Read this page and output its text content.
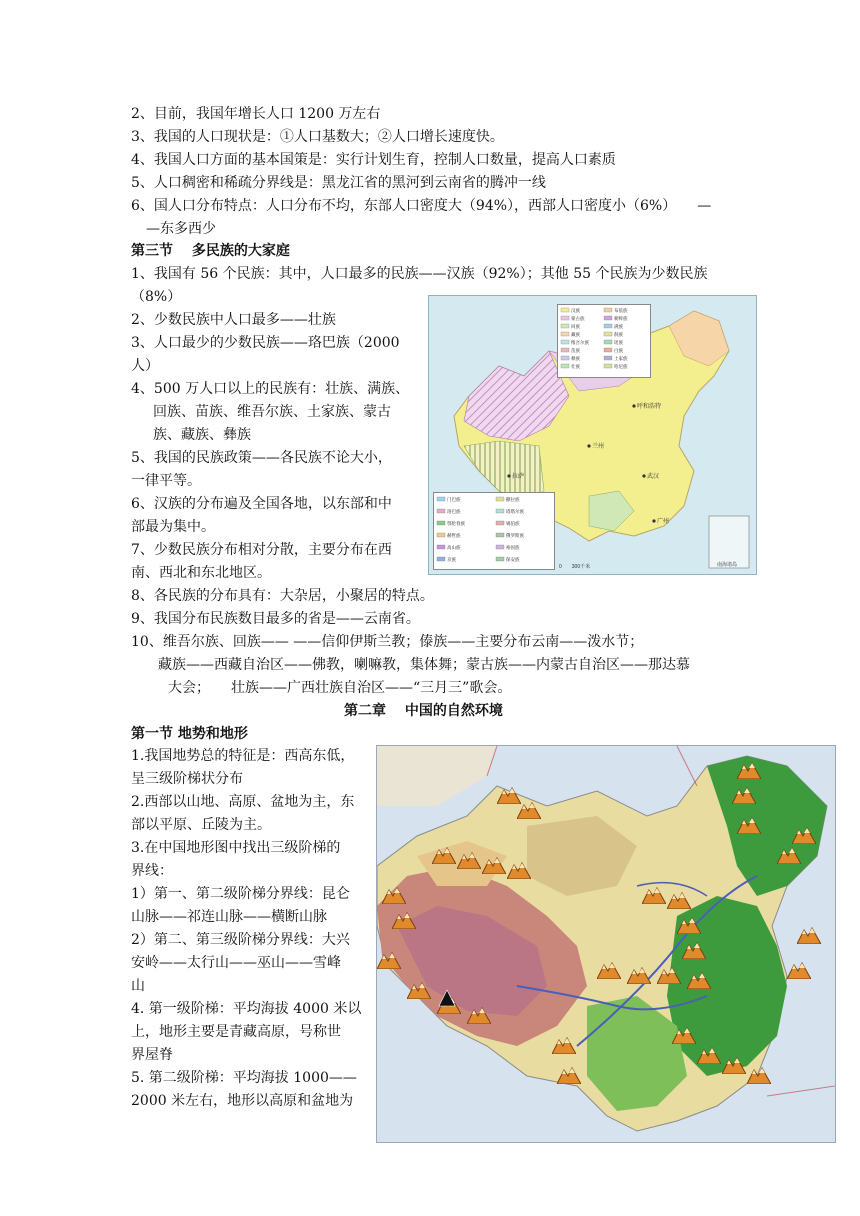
2、目前，我国年增长人口 1200 万左右
3、我国的人口现状是：①人口基数大；②人口增长速度快。
4、我国人口方面的基本国策是：实行计划生育，控制人口数量，提高人口素质
5、人口稠密和稀疏分界线是：黑龙江省的黑河到云南省的腾冲一线
6、国人口分布特点：人口分布不均，东部人口密度大（94%），西部人口密度小（6%）　　—
—东多西少
第三节　 多民族的大家庭
1、我国有 56 个民族：其中，人口最多的民族——汉族（92%）；其他 55 个民族为少数民族
（8%）
2、少数民族中人口最多——壮族
3、人口最少的少数民族——珞巴族（2000
人）
4、500 万人口以上的民族有：壮族、满族、
回族、苗族、维吾尔族、土家族、蒙古
族、藏族、彝族
5、我国的民族政策——各民族不论大小，
一律平等。
6、汉族的分布遍及全国各地，以东部和中
部最为集中。
7、少数民族分布相对分散，主要分布在西
南、西北和东北地区。
8、各民族的分布具有：大杂居，小聚居的特点。
9、我国分布民族数目最多的省是——云南省。
10、维吾尔族、回族—— ——信仰伊斯兰教；傣族——主要分布云南——泼水节；
藏族——西藏自治区——佛教，喇嘛教，集体舞；蒙古族——内蒙古自治区——那达慕
大会；　　壮族——广西壮族自治区——“三月三”歌会。
第二章　 中国的自然环境
第一节 地势和地形
1.我国地势总的特征是：西高东低，
呈三级阶梯状分布
2.西部以山地、高原、盆地为主，东
部以平原、丘陵为主。
3.在中国地形图中找出三级阶梯的
界线：
1）第一、第二级阶梯分界线：昆仑
山脉——祁连山脉——横断山脉
2）第二、第三级阶梯分界线：大兴
安岭——太行山——巫山——雪峰
山
4. 第一级阶梯：平均海拔 4000 米以
上，地形主要是青藏高原，号称世
界屋脊
5. 第二级阶梯：平均海拔 1000——
2000 米左右，地形以高原和盆地为
呼和浩特
兰州
武汉
广州
拉萨
南海诸岛
0　　300千米
汉族
蒙古族
回族
藏族
维吾尔族
苗族
彝族
壮族
布依族
朝鲜族
满族
侗族
瑶族
白族
土家族
哈尼族
门巴族
珞巴族
鄂伦春族
赫哲族
高山族
京族
撒拉族
塔塔尔族
锡伯族
俄罗斯族
裕固族
保安族
